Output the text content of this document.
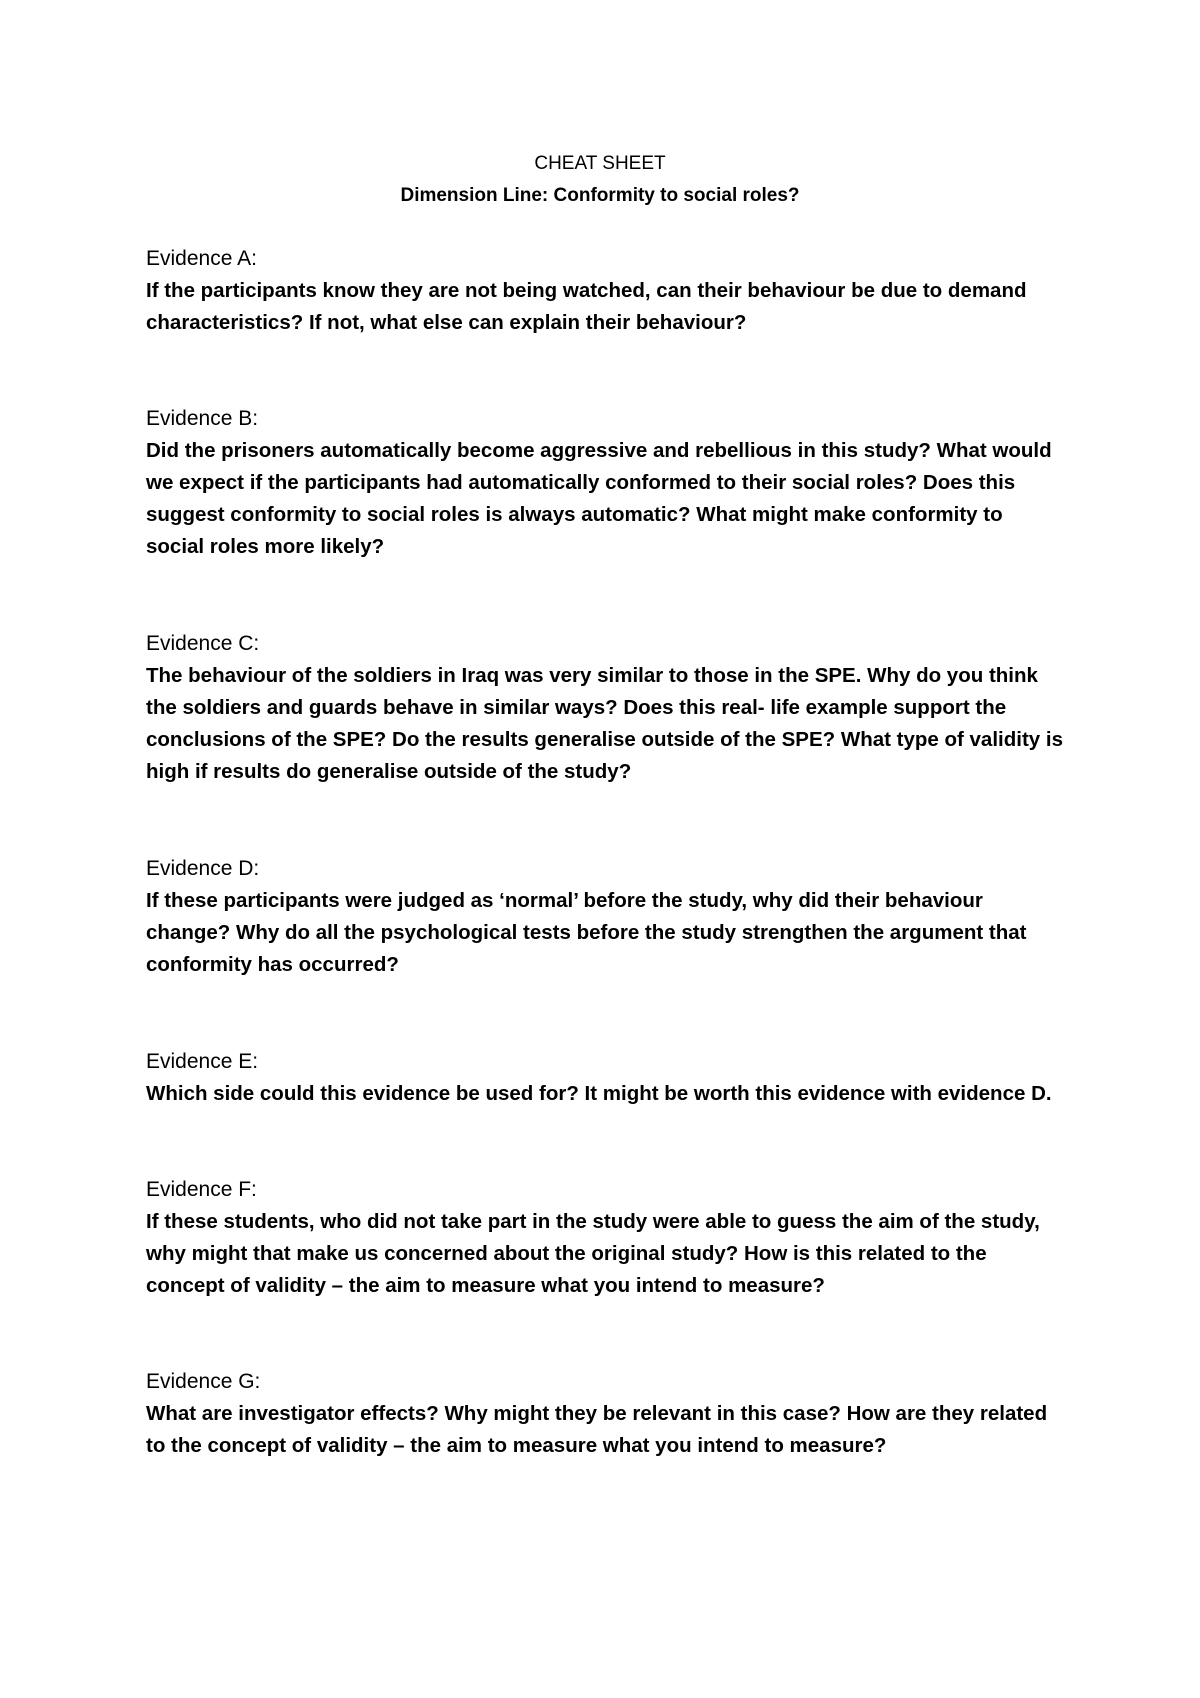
CHEAT SHEET
Dimension Line: Conformity to social roles?
Evidence A:
If the participants know they are not being watched, can their behaviour be due to demand characteristics? If not, what else can explain their behaviour?
Evidence B:
Did the prisoners automatically become aggressive and rebellious in this study? What would we expect if the participants had automatically conformed to their social roles? Does this suggest conformity to social roles is always automatic? What might make conformity to social roles more likely?
Evidence C:
The behaviour of the soldiers in Iraq was very similar to those in the SPE. Why do you think the soldiers and guards behave in similar ways? Does this real- life example support the conclusions of the SPE? Do the results generalise outside of the SPE? What type of validity is high if results do generalise outside of the study?
Evidence D:
If these participants were judged as ‘normal’ before the study, why did their behaviour change? Why do all the psychological tests before the study strengthen the argument that conformity has occurred?
Evidence E:
Which side could this evidence be used for? It might be worth this evidence with evidence D.
Evidence F:
If these students, who did not take part in the study were able to guess the aim of the study, why might that make us concerned about the original study? How is this related to the concept of validity – the aim to measure what you intend to measure?
Evidence G:
What are investigator effects? Why might they be relevant in this case? How are they related to the concept of validity – the aim to measure what you intend to measure?
